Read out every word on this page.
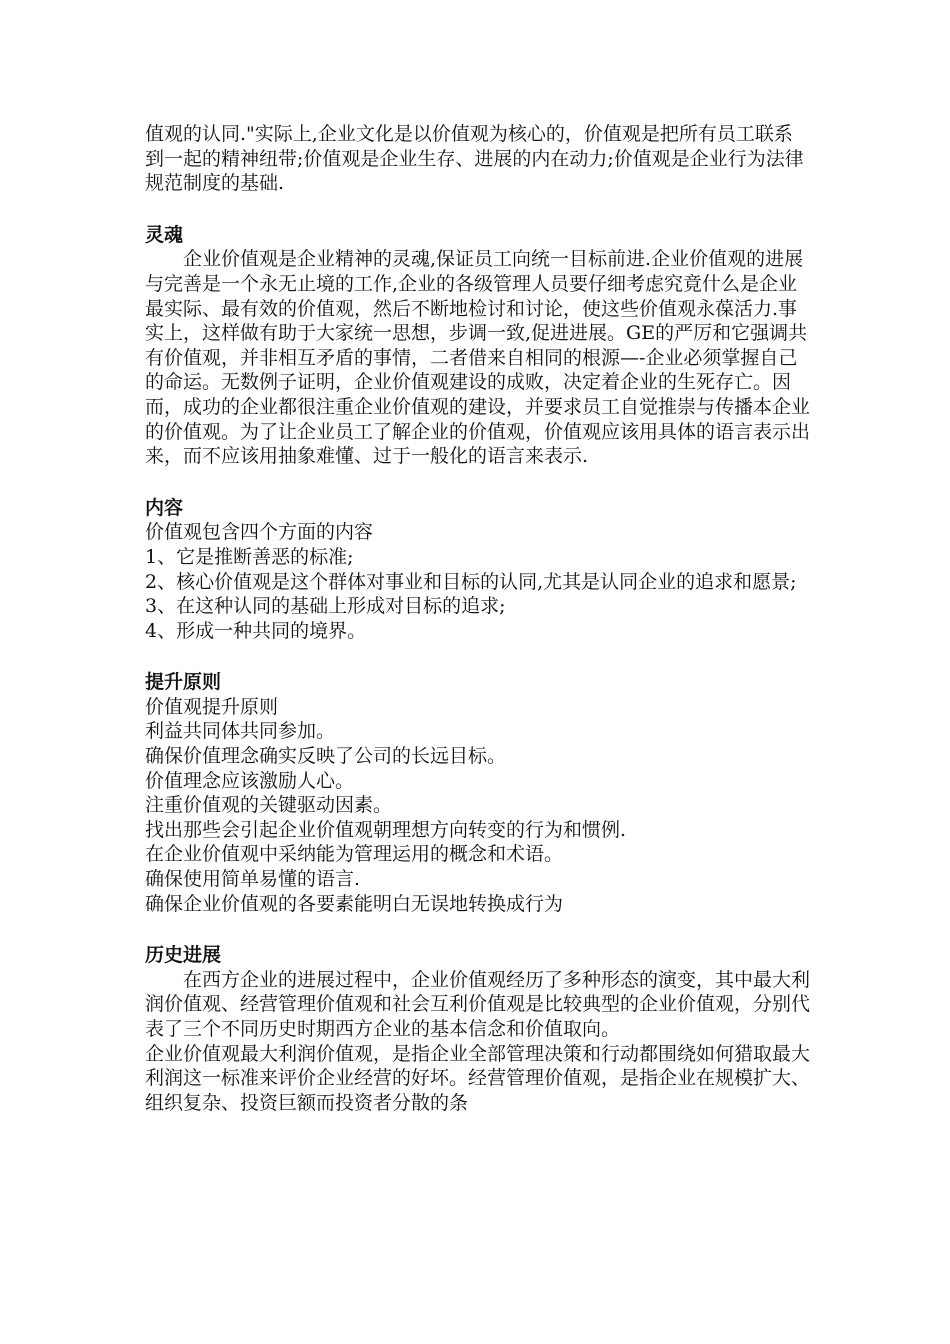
值观的认同."实际上,企业文化是以价值观为核心的，价值观是把所有员工联系到一起的精神纽带;价值观是企业生存、进展的内在动力;价值观是企业行为法律规范制度的基础.

灵魂

企业价值观是企业精神的灵魂,保证员工向统一目标前进.企业价值观的进展与完善是一个永无止境的工作,企业的各级管理人员要仔细考虑究竟什么是企业最实际、最有效的价值观，然后不断地检讨和讨论，使这些价值观永葆活力.事实上，这样做有助于大家统一思想，步调一致,促进进展。GE的严厉和它强调共有价值观，并非相互矛盾的事情，二者借来自相同的根源—-企业必须掌握自己的命运。无数例子证明，企业价值观建设的成败，决定着企业的生死存亡。因而，成功的企业都很注重企业价值观的建设，并要求员工自觉推崇与传播本企业的价值观。为了让企业员工了解企业的价值观，价值观应该用具体的语言表示出来，而不应该用抽象难懂、过于一般化的语言来表示.

内容

价值观包含四个方面的内容

1、它是推断善恶的标准;

2、核心价值观是这个群体对事业和目标的认同,尤其是认同企业的追求和愿景;

3、在这种认同的基础上形成对目标的追求;

4、形成一种共同的境界。

提升原则

价值观提升原则

利益共同体共同参加。

确保价值理念确实反映了公司的长远目标。

价值理念应该激励人心。

注重价值观的关键驱动因素。

找出那些会引起企业价值观朝理想方向转变的行为和惯例.

在企业价值观中采纳能为管理运用的概念和术语。

确保使用简单易懂的语言.

确保企业价值观的各要素能明白无误地转换成行为

历史进展

在西方企业的进展过程中，企业价值观经历了多种形态的演变，其中最大利润价值观、经营管理价值观和社会互利价值观是比较典型的企业价值观，分别代表了三个不同历史时期西方企业的基本信念和价值取向。

企业价值观最大利润价值观，是指企业全部管理决策和行动都围绕如何猎取最大利润这一标准来评价企业经营的好坏。经营管理价值观，是指企业在规模扩大、组织复杂、投资巨额而投资者分散的条
